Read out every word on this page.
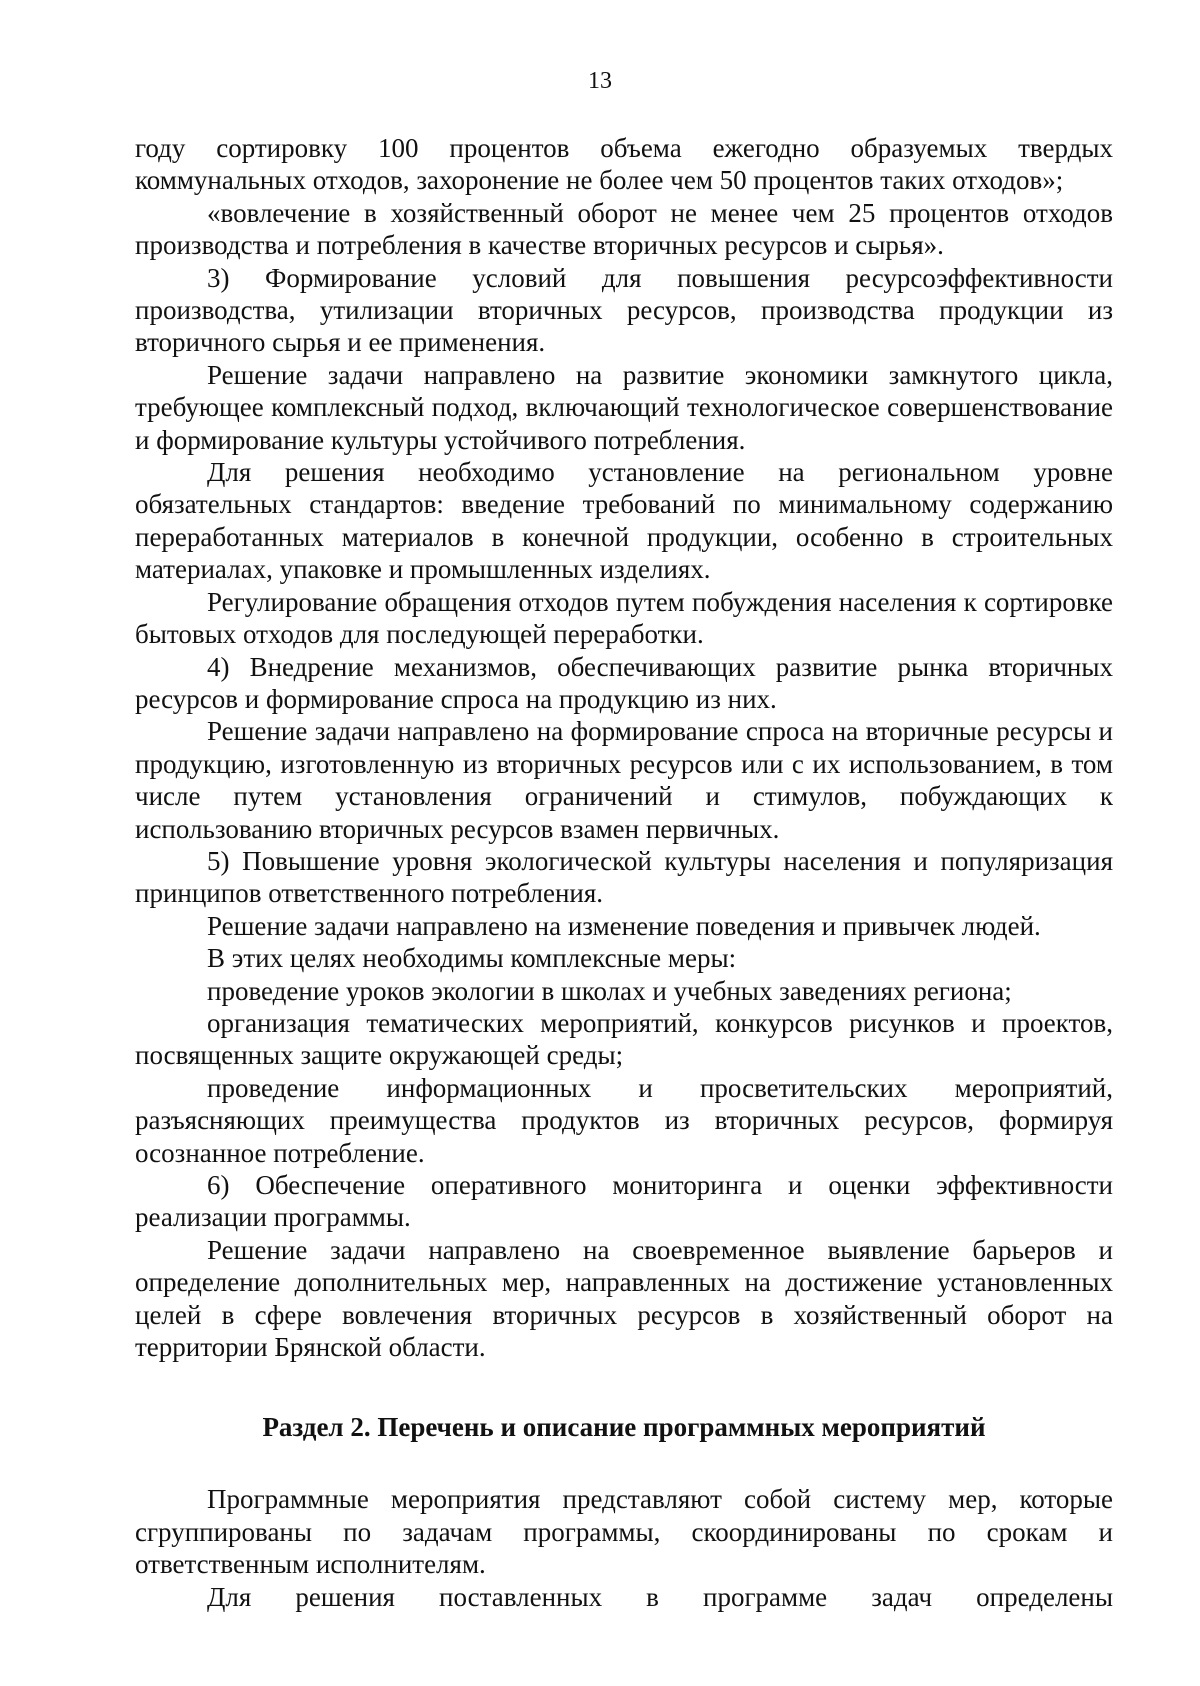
13

году сортировку 100 процентов объема ежегодно образуемых твердых коммунальных отходов, захоронение не более чем 50 процентов таких отходов»;

«вовлечение в хозяйственный оборот не менее чем 25 процентов отходов производства и потребления в качестве вторичных ресурсов и сырья».

3) Формирование условий для повышения ресурсоэффективности производства, утилизации вторичных ресурсов, производства продукции из вторичного сырья и ее применения.

Решение задачи направлено на развитие экономики замкнутого цикла, требующее комплексный подход, включающий технологическое совершенствование и формирование культуры устойчивого потребления.

Для решения необходимо установление на региональном уровне обязательных стандартов: введение требований по минимальному содержанию переработанных материалов в конечной продукции, особенно в строительных материалах, упаковке и промышленных изделиях.

Регулирование обращения отходов путем побуждения населения к сортировке бытовых отходов для последующей переработки.

4) Внедрение механизмов, обеспечивающих развитие рынка вторичных ресурсов и формирование спроса на продукцию из них.

Решение задачи направлено на формирование спроса на вторичные ресурсы и продукцию, изготовленную из вторичных ресурсов или с их использованием, в том числе путем установления ограничений и стимулов, побуждающих к использованию вторичных ресурсов взамен первичных.

5) Повышение уровня экологической культуры населения и популяризация принципов ответственного потребления.

Решение задачи направлено на изменение поведения и привычек людей.

В этих целях необходимы комплексные меры:

проведение уроков экологии в школах и учебных заведениях региона;

организация тематических мероприятий, конкурсов рисунков и проектов, посвященных защите окружающей среды;

проведение информационных и просветительских мероприятий, разъясняющих преимущества продуктов из вторичных ресурсов, формируя осознанное потребление.

6) Обеспечение оперативного мониторинга и оценки эффективности реализации программы.

Решение задачи направлено на своевременное выявление барьеров и определение дополнительных мер, направленных на достижение установленных целей в сфере вовлечения вторичных ресурсов в хозяйственный оборот на территории Брянской области.

Раздел 2. Перечень и описание программных мероприятий

Программные мероприятия представляют собой систему мер, которые сгруппированы по задачам программы, скоординированы по срокам и ответственным исполнителям.

Для решения поставленных в программе задач определены
